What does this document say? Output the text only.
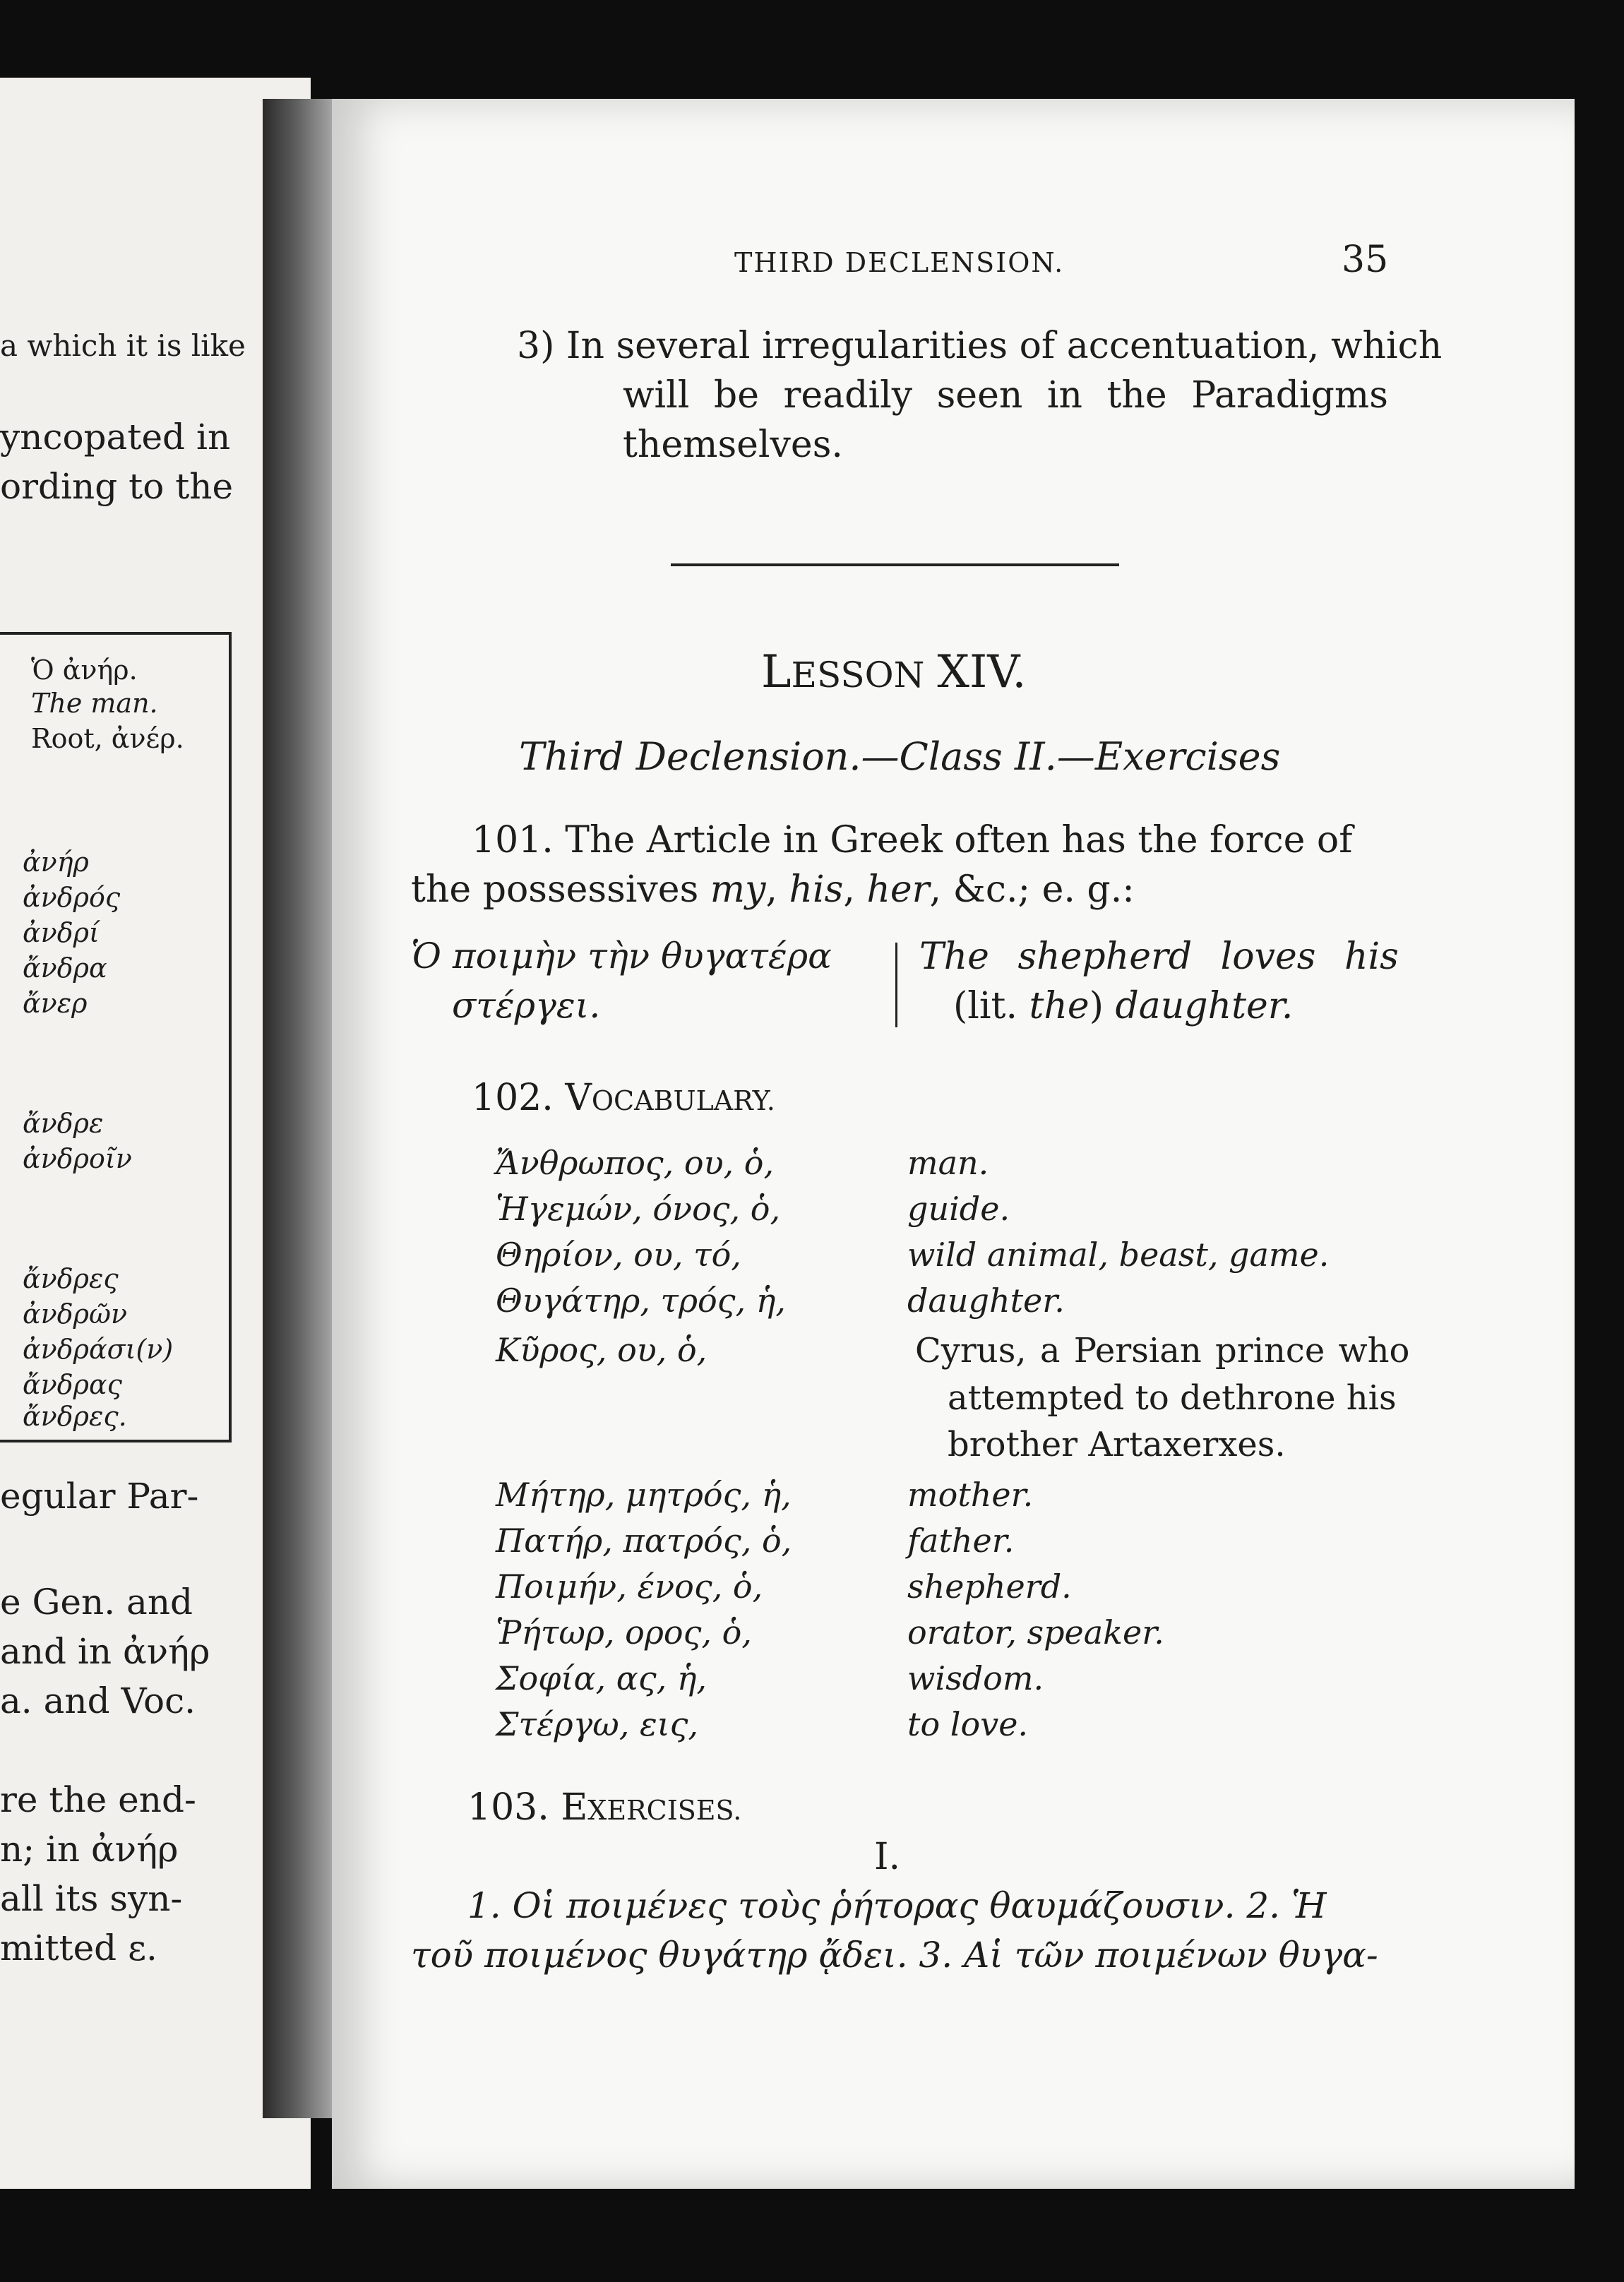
a which it is like
yncopated in
ording to the
Ὁ ἀνήρ.
The man.
Root, ἀνέρ.
ἀνήρ
ἀνδρός
ἀνδρί
ἄνδρα
ἄνερ
ἄνδρε
ἀνδροῖν
ἄνδρες
ἀνδρῶν
ἀνδράσι(ν)
ἄνδρας
ἄνδρες.
egular Par-
e Gen. and
and in ἀνήρ
a. and Voc.
re the end-
n; in ἀνήρ
all its syn-
mitted ε.
THIRD DECLENSION.	35
3) In several irregularities of accentuation, which
will be readily seen in the Paradigms
themselves.
LESSON XIV.
Third Declension.—Class II.—Exercises
101. The Article in Greek often has the force of
the possessives my, his, her, &c.; e. g.:
Ὁ ποιμὴν τὴν θυγατέρα
στέργει.
The shepherd loves his
(lit. the) daughter.
102. VOCABULARY.
Ἄνθρωπος, ου, ὁ,	man.
Ἡγεμών, όνος, ὁ,	guide.
Θηρίον, ου, τό,	wild animal, beast, game.
Θυγάτηρ, τρός, ἡ,	daughter.
Κῦρος, ου, ὁ,	Cyrus, a Persian prince who
attempted to dethrone his
brother Artaxerxes.
Μήτηρ, μητρός, ἡ,	mother.
Πατήρ, πατρός, ὁ,	father.
Ποιμήν, ένος, ὁ,	shepherd.
Ῥήτωρ, ορος, ὁ,	orator, speaker.
Σοφία, ας, ἡ,	wisdom.
Στέργω, εις,	to love.
103. EXERCISES.
I.
1. Οἱ ποιμένες τοὺς ῥήτορας θαυμάζουσιν. 2. Ἡ
τοῦ ποιμένος θυγάτηρ ᾄδει. 3. Αἱ τῶν ποιμένων θυγα-
